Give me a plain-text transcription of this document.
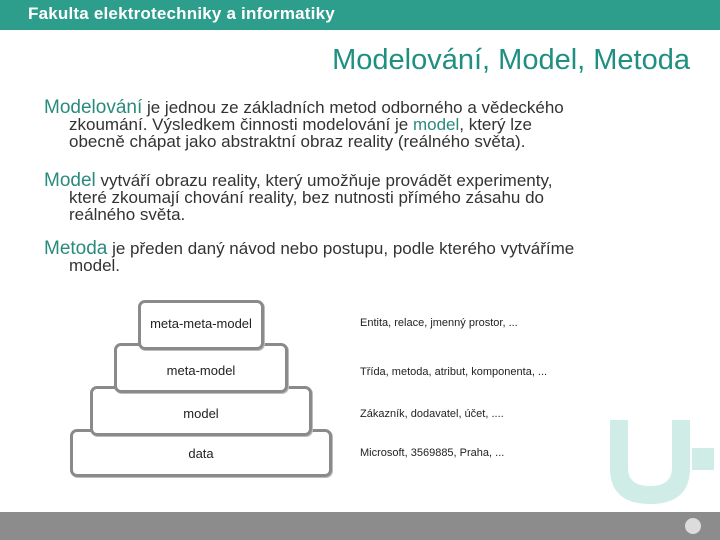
Fakulta elektrotechniky a informatiky
Modelování, Model, Metoda
Modelování je jednou ze základních metod odborného a vědeckého
zkoumání. Výsledkem činnosti modelování je model, který lze
obecně chápat jako abstraktní obraz reality (reálného světa).
Model vytváří obrazu reality, který umožňuje provádět experimenty,
které zkoumají chování reality, bez nutnosti přímého zásahu do
reálného světa.
Metoda je předen daný návod nebo postupu, podle kterého vytváříme
model.
data
model
meta-model
meta-meta-model	Entita, relace, jmenný prostor, ...
Třída, metoda, atribut, komponenta, ...
Zákazník, dodavatel, účet, ....
Microsoft, 3569885, Praha, ...
